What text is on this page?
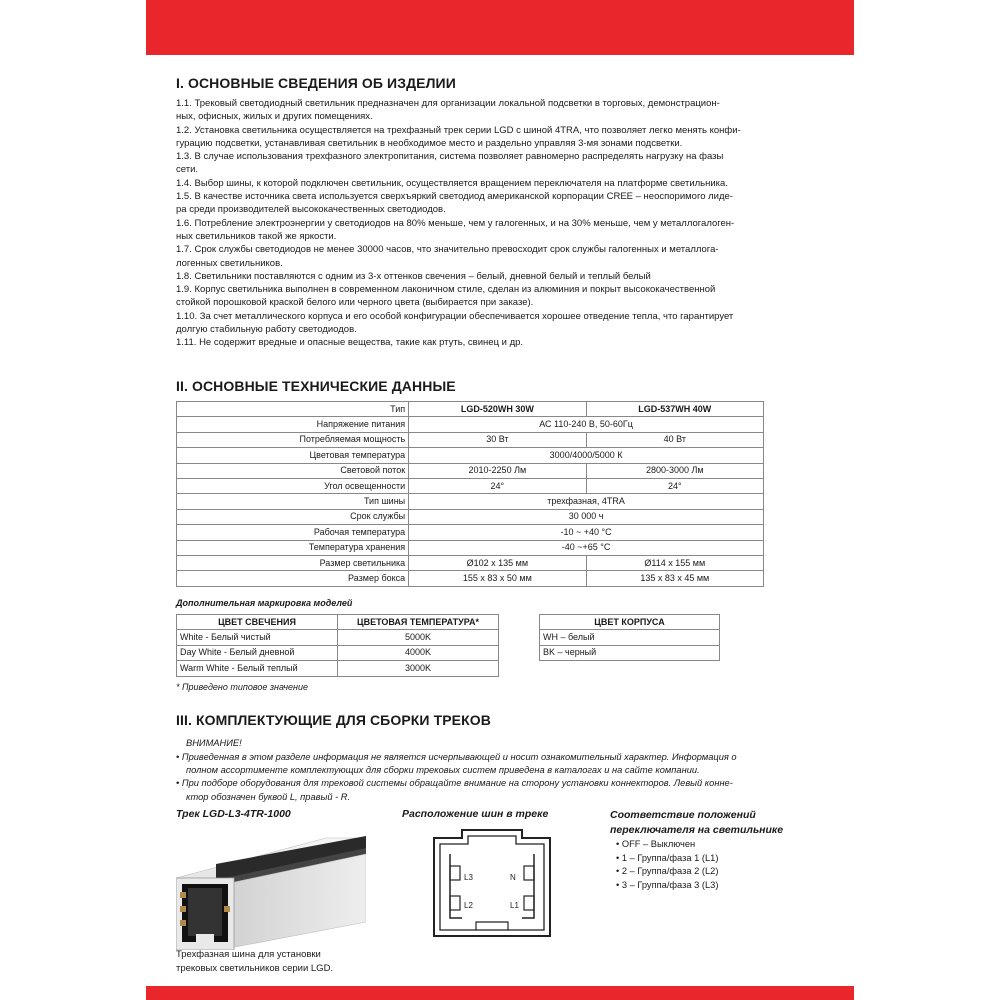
I. ОСНОВНЫЕ СВЕДЕНИЯ ОБ ИЗДЕЛИИ

1.1. Трековый светодиодный светильник предназначен для организации локальной подсветки в торговых, демонстрацион-

ных, офисных, жилых и других помещениях.

1.2. Установка светильника осуществляется на трехфазный трек серии LGD с шиной 4TRA, что позволяет легко менять конфи-

гурацию подсветки, устанавливая светильник в необходимое место и раздельно управляя 3-мя зонами подсветки.

1.3. В случае использования трехфазного электропитания, система позволяет равномерно распределять нагрузку на фазы

сети.

1.4. Выбор шины, к которой подключен светильник, осуществляется вращением переключателя на платформе светильника.

1.5. В качестве источника света используется сверхъяркий светодиод американской корпорации CREE – неоспоримого лиде-

ра среди производителей высококачественных светодиодов.

1.6. Потребление электроэнергии у светодиодов на 80% меньше, чем у галогенных, и на 30% меньше, чем у металлогалоген-

ных светильников такой же яркости.

1.7. Срок службы светодиодов не менее 30000 часов, что значительно превосходит срок службы галогенных и металлога-

логенных светильников.

1.8. Светильники поставляются с одним из 3-х оттенков свечения – белый, дневной белый и теплый белый

1.9. Корпус светильника выполнен в современном лаконичном стиле, сделан из алюминия и покрыт высококачественной

стойкой порошковой краской белого или черного цвета (выбирается при заказе).

1.10. За счет металлического корпуса и его особой конфигурации обеспечивается хорошее отведение тепла, что гарантирует

долгую стабильную работу светодиодов.

1.11. Не содержит вредные и опасные вещества, такие как ртуть, свинец и др.

II. ОСНОВНЫЕ ТЕХНИЧЕСКИЕ ДАННЫЕ
Тип	LGD-520WH 30W	LGD-537WH 40W
Напряжение питания	АС 110-240 В, 50-60Гц	
Потребляемая мощность	30 Вт	40 Вт
Цветовая температура	3000/4000/5000 К	
Световой поток	2010-2250 Лм	2800-3000 Лм
Угол освещенности	24°	24°
Тип шины	трехфазная, 4TRA	
Срок службы	30 000 ч	
Рабочая температура	-10 ~ +40 °С	
Температура хранения	-40 ~+65 °С	
Размер светильника	Ø102 x 135 мм	Ø114 x 155 мм
Размер бокса	155 x 83 x 50 мм	135 x 83 x 45 мм
Дополнительная маркировка моделей
ЦВЕТ СВЕЧЕНИЯ	ЦВЕТОВАЯ ТЕМПЕРАТУРА*
White - Белый чистый	5000K
Day White - Белый дневной	4000K
Warm White - Белый теплый	3000K
ЦВЕТ КОРПУСА
WH – белый
BK – черный
* Приведено типовое значение
III. КОМПЛЕКТУЮЩИЕ ДЛЯ СБОРКИ ТРЕКОВ
ВНИМАНИЕ!
• Приведенная в этом разделе информация не является исчерпывающей и носит ознакомительный характер. Информация о
полном ассортименте комплектующих для сборки трековых систем приведена в каталогах и на сайте компании.
• При подборе оборудования для трековой системы обращайте внимание на сторону установки коннекторов. Левый конне-
ктор обозначен буквой L, правый - R.
Трек LGD-L3-4TR-1000
Трехфазная шина для установки
трековых светильников серии LGD.
Расположение шин в треке
L3	N
L2	L1
Соответствие положений
переключателя на светильнике
• OFF – Выключен
• 1 – Группа/фаза 1 (L1)
• 2 – Группа/фаза 2 (L2)
• 3 – Группа/фаза 3 (L3)
